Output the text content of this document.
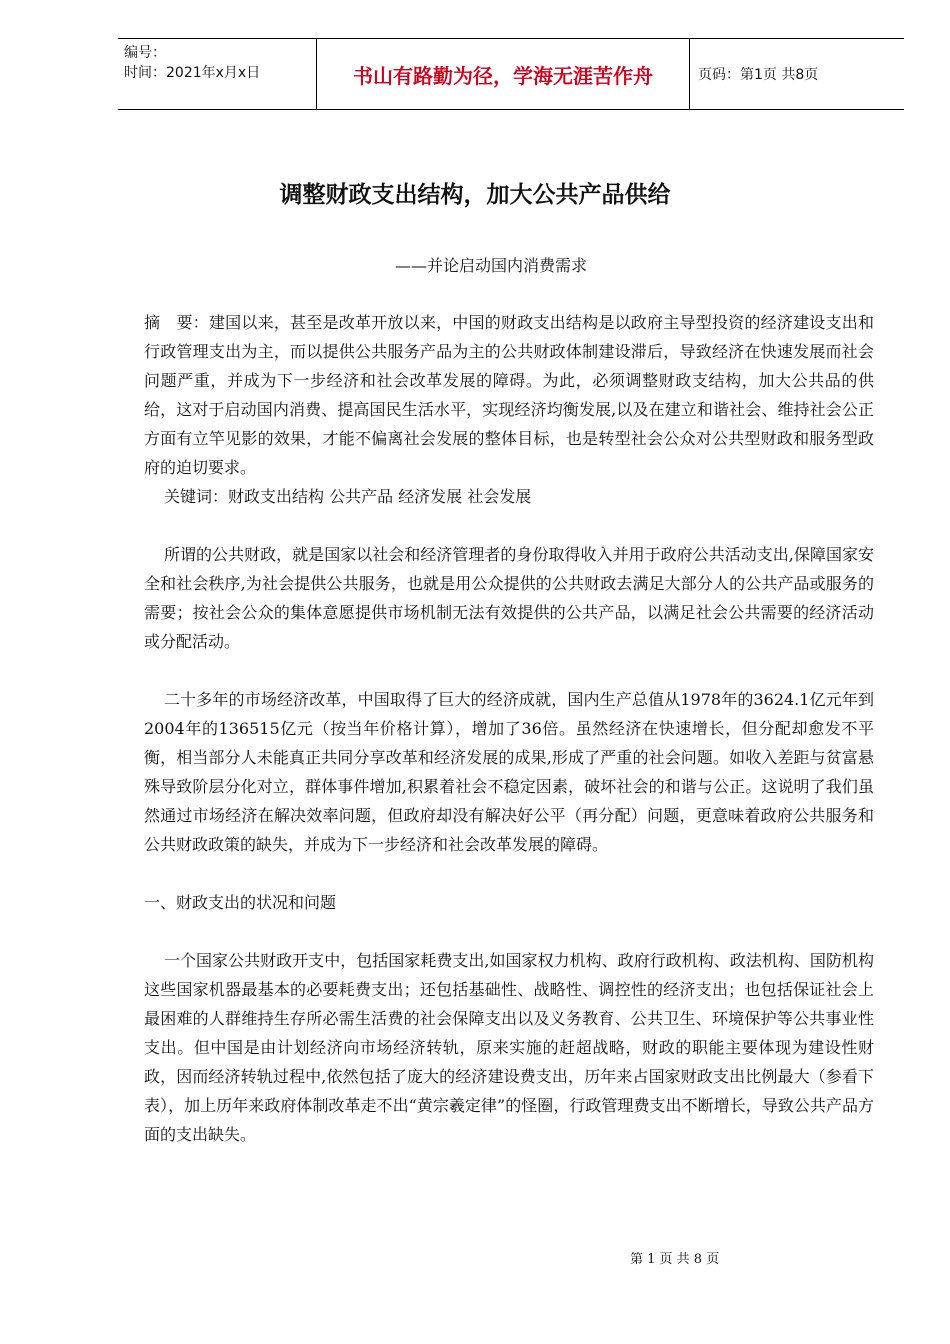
编号：
时间：2021年x月x日	书山有路勤为径，学海无涯苦作舟	页码：第1页 共8页
调整财政支出结构，加大公共产品供给
——并论启动国内消费需求

摘　要：建国以来，甚至是改革开放以来，中国的财政支出结构是以政府主导型投资的经济建设支出和行政管理支出为主，而以提供公共服务产品为主的公共财政体制建设滞后，导致经济在快速发展而社会问题严重，并成为下一步经济和社会改革发展的障碍。为此，必须调整财政支结构，加大公共品的供给，这对于启动国内消费、提高国民生活水平，实现经济均衡发展,以及在建立和谐社会、维持社会公正方面有立竿见影的效果，才能不偏离社会发展的整体目标，也是转型社会公众对公共型财政和服务型政府的迫切要求。

关键词：财政支出结构 公共产品 经济发展 社会发展

所谓的公共财政，就是国家以社会和经济管理者的身份取得收入并用于政府公共活动支出,保障国家安全和社会秩序,为社会提供公共服务，也就是用公众提供的公共财政去满足大部分人的公共产品或服务的需要；按社会公众的集体意愿提供市场机制无法有效提供的公共产品，以满足社会公共需要的经济活动或分配活动。

二十多年的市场经济改革，中国取得了巨大的经济成就，国内生产总值从1978年的3624.1亿元年到2004年的136515亿元（按当年价格计算），增加了36倍。虽然经济在快速增长，但分配却愈发不平衡，相当部分人未能真正共同分享改革和经济发展的成果,形成了严重的社会问题。如收入差距与贫富悬殊导致阶层分化对立，群体事件增加,积累着社会不稳定因素，破坏社会的和谐与公正。这说明了我们虽然通过市场经济在解决效率问题，但政府却没有解决好公平（再分配）问题，更意味着政府公共服务和公共财政政策的缺失，并成为下一步经济和社会改革发展的障碍。

一、财政支出的状况和问题

一个国家公共财政开支中，包括国家耗费支出,如国家权力机构、政府行政机构、政法机构、国防机构这些国家机器最基本的必要耗费支出；还包括基础性、战略性、调控性的经济支出；也包括保证社会上最困难的人群维持生存所必需生活费的社会保障支出以及义务教育、公共卫生、环境保护等公共事业性支出。但中国是由计划经济向市场经济转轨，原来实施的赶超战略，财政的职能主要体现为建设性财政，因而经济转轨过程中,依然包括了庞大的经济建设费支出，历年来占国家财政支出比例最大（参看下表），加上历年来政府体制改革走不出“黄宗羲定律”的怪圈，行政管理费支出不断增长，导致公共产品方面的支出缺失。

第 1 页 共 8 页
